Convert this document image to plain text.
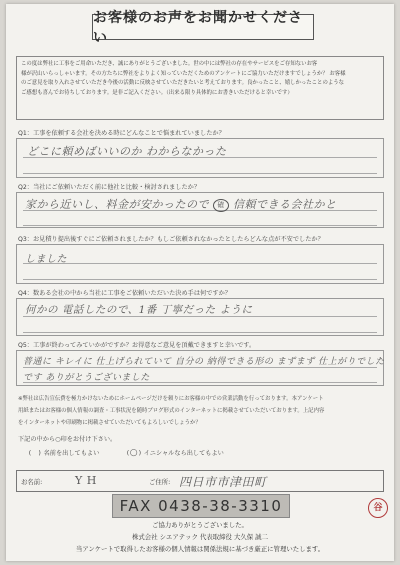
お客様のお声をお聞かせください
この度は弊社に工事をご用命いただき、誠にありがとうございました。世の中には弊社の存在やサービスをご存知ないお客
様が沢山いらっしゃいます。その方たちに弊社をよりよく知っていただくためのアンケートにご協力いただけますでしょうか？ お客様
のご意見を取り入れさせていただき今後の活動に反映させていただきたいと考えております。良かったこと、嬉しかったことのような
ご感想も喜んでお待ちしております。是非ご記入ください。（出来る限り具体的にお書きいただけると幸いです）
Q1：工事を依頼する会社を決める時にどんなことで悩まれていましたか？
どこに頼めばいいのか わからなかった
Q2：当社にご依頼いただく前に他社と比較・検討されましたか？
家から近いし、料金が安かったので 確 信頼できる会社かと
Q3：お見積り提出後すぐにご依頼されましたか？もしご依頼されなかったとしたらどんな点が不安でしたか？
しました
Q4：数ある会社の中から当社に工事をご依頼いただいた決め手は何ですか？
何かの 電話したので、1番 丁寧だった ように
Q5：工事が終わってみていかがですか？お得意なご意見を頂戴できますと幸いです。
普通に キレイに 仕上げられていて 自分の 納得できる形の まずまず 仕上がりでした
です ありがとうございました
※弊社は広告宣伝費を極力かけないためにホームページだけを頼りにお客様の中での営業活動を行っております。本アンケート
用紙またはお客様の個人情報の調査・工事状況を随時ブログ形式のインターネットに掲載させていただいております。上記内容
をインターネットや印刷物に掲載させていただいてもよろしいでしょうか？
下記の中から○印をお付け下さい。
(　) 名前を出してもよい	(○) イニシャルなら出してもよい
お名前:	Y H	ご住所: 四日市市津田町
FAX 0438-38-3310	谷
ご協力ありがとうございました。
株式会社 シエアテック 代表取締役 大久保 誠二
当アンケートで取得したお客様の個人情報は関係法規に基づき厳正に管理いたします。
